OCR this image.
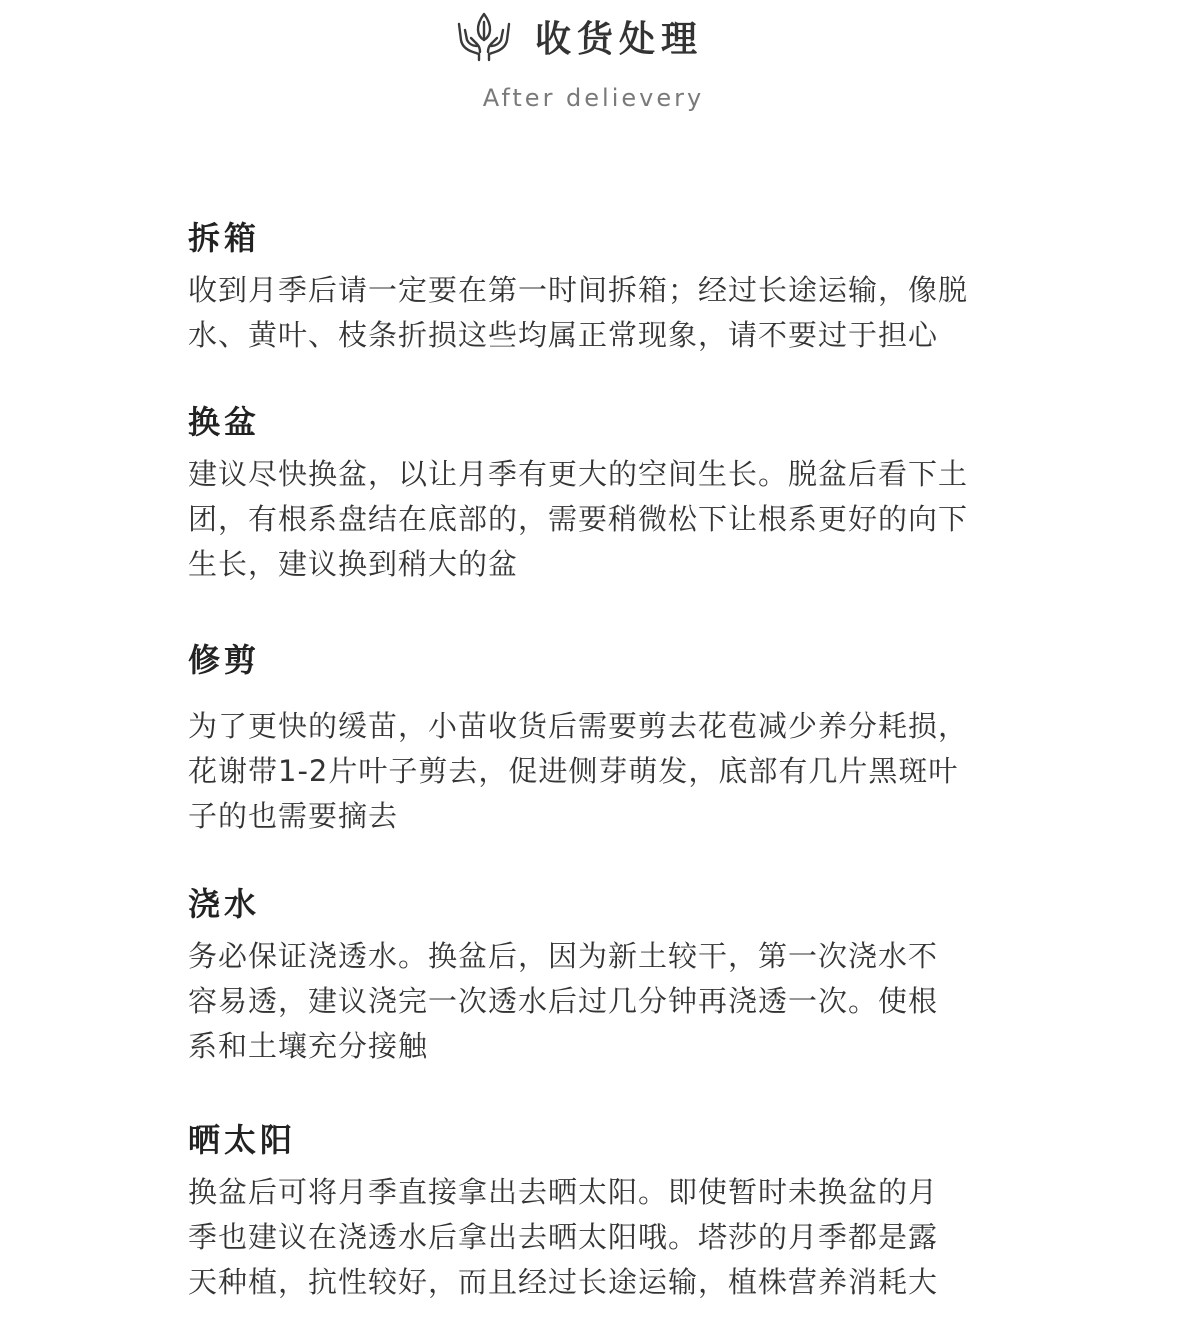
收货处理
After delievery
拆箱

收到月季后请一定要在第一时间拆箱；经过长途运输，像脱
水、黄叶、枝条折损这些均属正常现象，请不要过于担心

换盆

建议尽快换盆，以让月季有更大的空间生长。脱盆后看下土
团，有根系盘结在底部的，需要稍微松下让根系更好的向下
生长，建议换到稍大的盆

修剪

为了更快的缓苗，小苗收货后需要剪去花苞减少养分耗损，
花谢带1-2片叶子剪去，促进侧芽萌发，底部有几片黑斑叶
子的也需要摘去

浇水

务必保证浇透水。换盆后，因为新土较干，第一次浇水不
容易透，建议浇完一次透水后过几分钟再浇透一次。使根
系和土壤充分接触

晒太阳

换盆后可将月季直接拿出去晒太阳。即使暂时未换盆的月
季也建议在浇透水后拿出去晒太阳哦。塔莎的月季都是露
天种植，抗性较好，而且经过长途运输，植株营养消耗大
